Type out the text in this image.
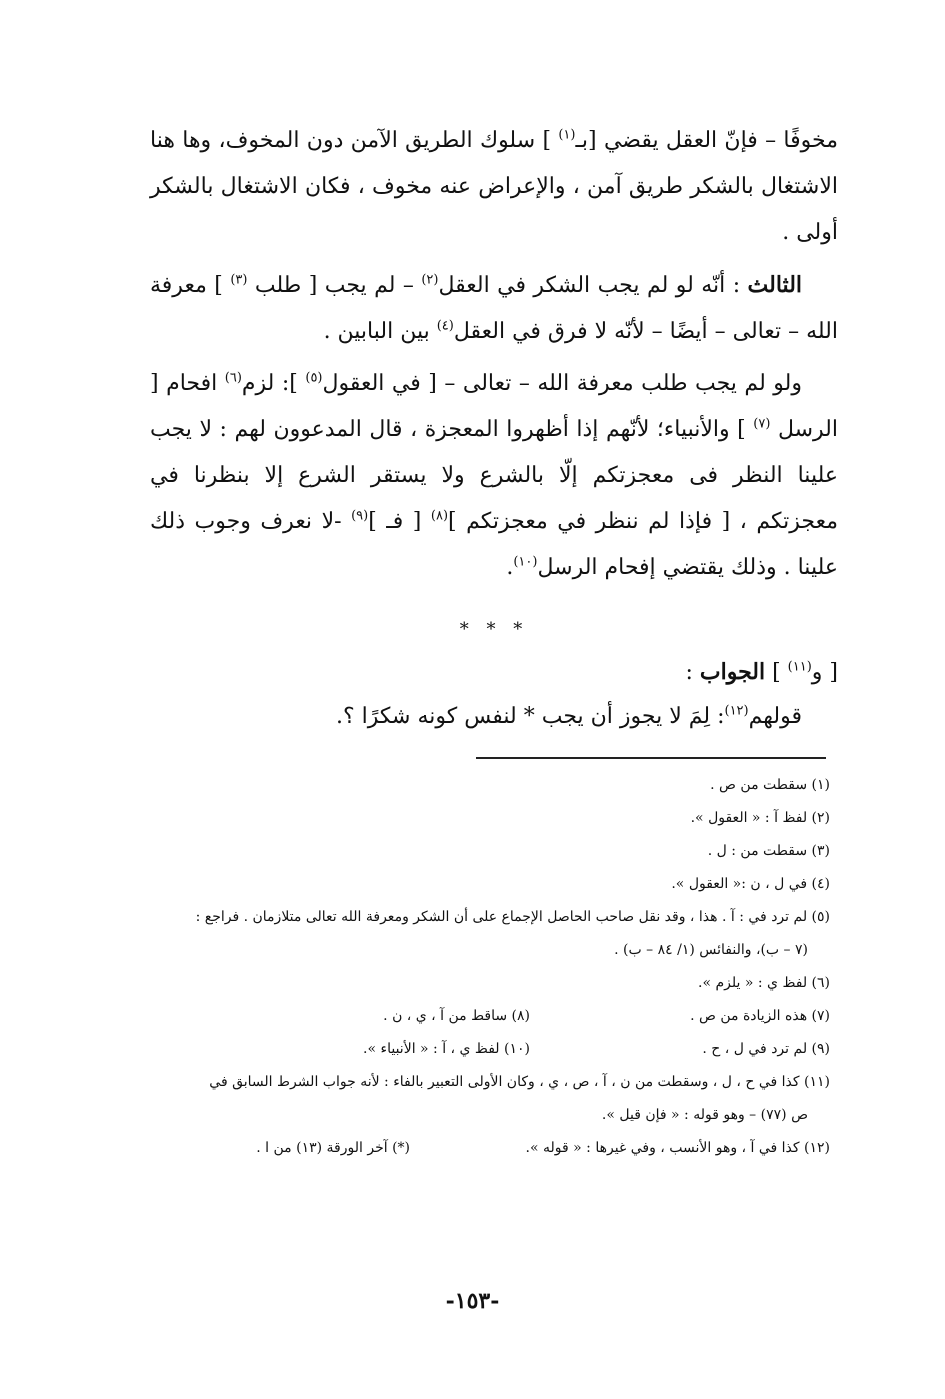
مخوفًا – فإنّ العقل يقضي [بـ$^{(١)}$ ] سلوك الطريق الآمن دون المخوف، وها هنا الاشتغال بالشكر طريق آمن ، والإعراض عنه مخوف ، فكان الاشتغال بالشكر أولى .

الثالث : أنّه لو لم يجب الشكر في العقل$^{(٢)}$ – لم يجب [ طلب $^{(٣)}$ ] معرفة الله – تعالى – أيضًا – لأنّه لا فرق في العقل$^{(٤)}$ بين البابين .

ولو لم يجب طلب معرفة الله – تعالى – [ في العقول$^{(٥)}$ ]: لزم$^{(٦)}$ افحام [ الرسل $^{(٧)}$ ] والأنبياء؛ لأنّهم إذا أظهروا المعجزة ، قال المدعوون لهم : لا يجب علينا النظر فى معجزتكم إلّا بالشرع ولا يستقر الشرع إلا بنظرنا في معجزتكم ، [ فإذا لم ننظر في معجزتكم ]$^{(٨)}$ [ فـ ]$^{(٩)}$ -لا نعرف وجوب ذلك علينا . وذلك يقتضي إفحام الرسل$^{(١٠)}$.

* * *

[ و$^{(١١)}$ ] الجواب :

قولهم$^{(١٢)}$: لِمَ لا يجوز أن يجب * لنفس كونه شكرًا ؟.

(١) سقطت من ص .

(٢) لفظ آ : « العقول ».

(٣) سقطت من : ل .

(٤) في ل ، ن :« العقول ».

(٥) لم ترد في : آ . هذا ، وقد نقل صاحب الحاصل الإجماع على أن الشكر ومعرفة الله تعالى متلازمان . فراجع :

(٧ – ب)، والنفائس (١/ ٨٤ – ب) .

(٦) لفظ ي : « يلزم ».

(٧) هذه الزيادة من ص .
(٨) ساقط من آ ، ي ، ن .
(٩) لم ترد في ل ، ح .
(١٠) لفظ ي ، آ : « الأنبياء ».

(١١) كذا في ح ، ل ، وسقطت من ن ، آ ، ص ، ي ، وكان الأولى التعبير بالفاء : لأنه جواب الشرط السابق في

ص (٧٧) – وهو قوله : « فإن قيل ».

(١٢) كذا في آ ، وهو الأنسب ، وفي غيرها : « قوله ».
(*) آخر الورقة (١٣) من ا .
-١٥٣-
